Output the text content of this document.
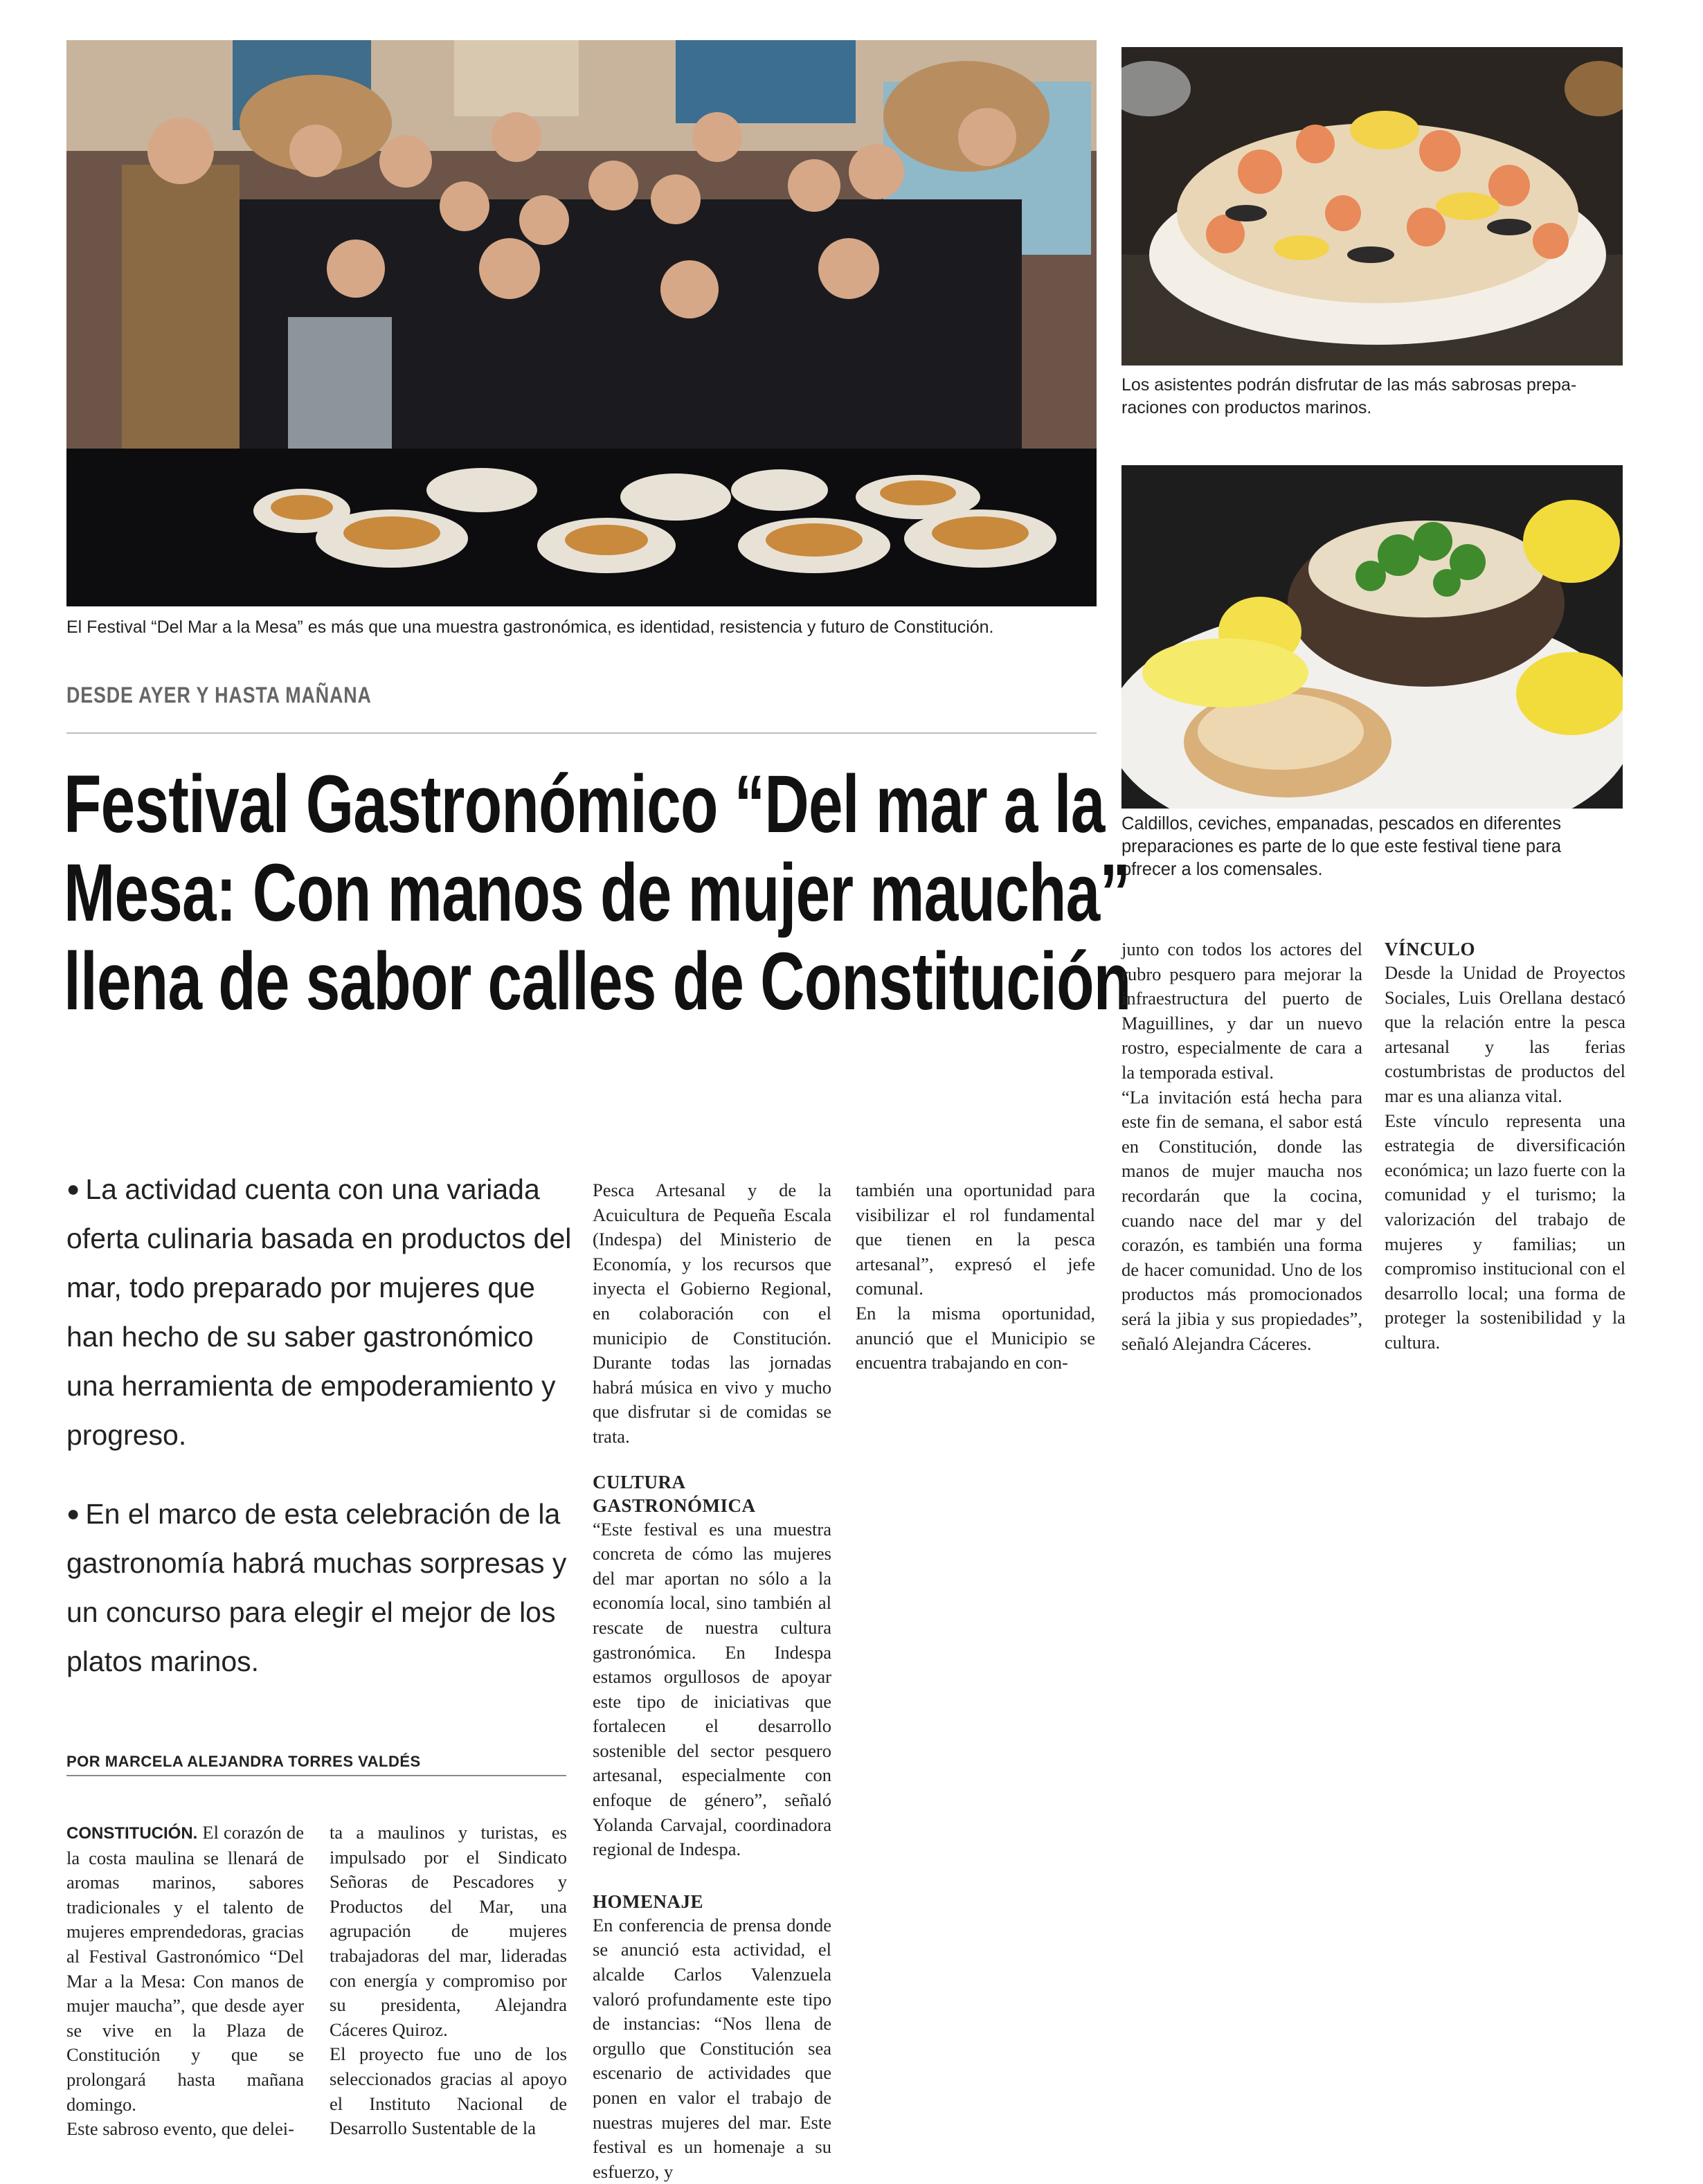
El Festival “Del Mar a la Mesa” es más que una muestra gastronómica, es identidad, resistencia y futuro de Constitución.
Los asistentes podrán disfrutar de las más sabrosas prepa-
raciones con productos marinos.
Caldillos, ceviches, empanadas, pescados en diferentes
preparaciones es parte de lo que este festival tiene para
ofrecer a los comensales.
DESDE AYER Y HASTA MAÑANA
Festival Gastronómico “Del mar a la
Mesa: Con manos de mujer maucha”
llena de sabor calles de Constitución
● La actividad cuenta con una variada oferta culinaria basada en productos del mar, todo preparado por mujeres que han hecho de su saber gastronómico una herramienta de empoderamiento y progreso.
● En el marco de esta celebración de la gastronomía habrá muchas sorpresas y un concurso para elegir el mejor de los platos marinos.
POR MARCELA ALEJANDRA TORRES VALDÉS

CONSTITUCIÓN. El corazón de la costa maulina se llenará de aromas marinos, sabores tradicionales y el talento de mujeres emprendedoras, gracias al Festival Gastronómico “Del Mar a la Mesa: Con manos de mujer maucha”, que desde ayer se vive en la Plaza de Constitución y que se prolongará hasta mañana domingo.

Este sabroso evento, que delei-

ta a maulinos y turistas, es impulsado por el Sindicato Señoras de Pescadores y Productos del Mar, una agrupación de mujeres trabajadoras del mar, lideradas con energía y compromiso por su presidenta, Alejandra Cáceres Quiroz.

El proyecto fue uno de los seleccionados gracias al apoyo el Instituto Nacional de Desarrollo Sustentable de la

Pesca Artesanal y de la Acuicultura de Pequeña Escala (Indespa) del Ministerio de Economía, y los recursos que inyecta el Gobierno Regional, en colaboración con el municipio de Constitución. Durante todas las jornadas habrá música en vivo y mucho que disfrutar si de comidas se trata.

CULTURA
GASTRONÓMICA

“Este festival es una muestra concreta de cómo las mujeres del mar aportan no sólo a la economía local, sino también al rescate de nuestra cultura gastronómica. En Indespa estamos orgullosos de apoyar este tipo de iniciativas que fortalecen el desarrollo sostenible del sector pesquero artesanal, especialmente con enfoque de género”, señaló Yolanda Carvajal, coordinadora regional de Indespa.

HOMENAJE

En conferencia de prensa donde se anunció esta actividad, el alcalde Carlos Valenzuela valoró profundamente este tipo de instancias: “Nos llena de orgullo que Constitución sea escenario de actividades que ponen en valor el trabajo de nuestras mujeres del mar. Este festival es un homenaje a su esfuerzo, y

también una oportunidad para visibilizar el rol fundamental que tienen en la pesca artesanal”, expresó el jefe comunal.

En la misma oportunidad, anunció que el Municipio se encuentra trabajando en con-

junto con todos los actores del rubro pesquero para mejorar la infraestructura del puerto de Maguillines, y dar un nuevo rostro, especialmente de cara a la temporada estival.

“La invitación está hecha para este fin de semana, el sabor está en Constitución, donde las manos de mujer maucha nos recordarán que la cocina, cuando nace del mar y del corazón, es también una forma de hacer comunidad. Uno de los productos más promocionados será la jibia y sus propiedades”, señaló Alejandra Cáceres.

VÍNCULO

Desde la Unidad de Proyectos Sociales, Luis Orellana destacó que la relación entre la pesca artesanal y las ferias costumbristas de productos del mar es una alianza vital.

Este vínculo representa una estrategia de diversificación económica; un lazo fuerte con la comunidad y el turismo; la valorización del trabajo de mujeres y familias; un compromiso institucional con el desarrollo local; una forma de proteger la sostenibilidad y la cultura.
